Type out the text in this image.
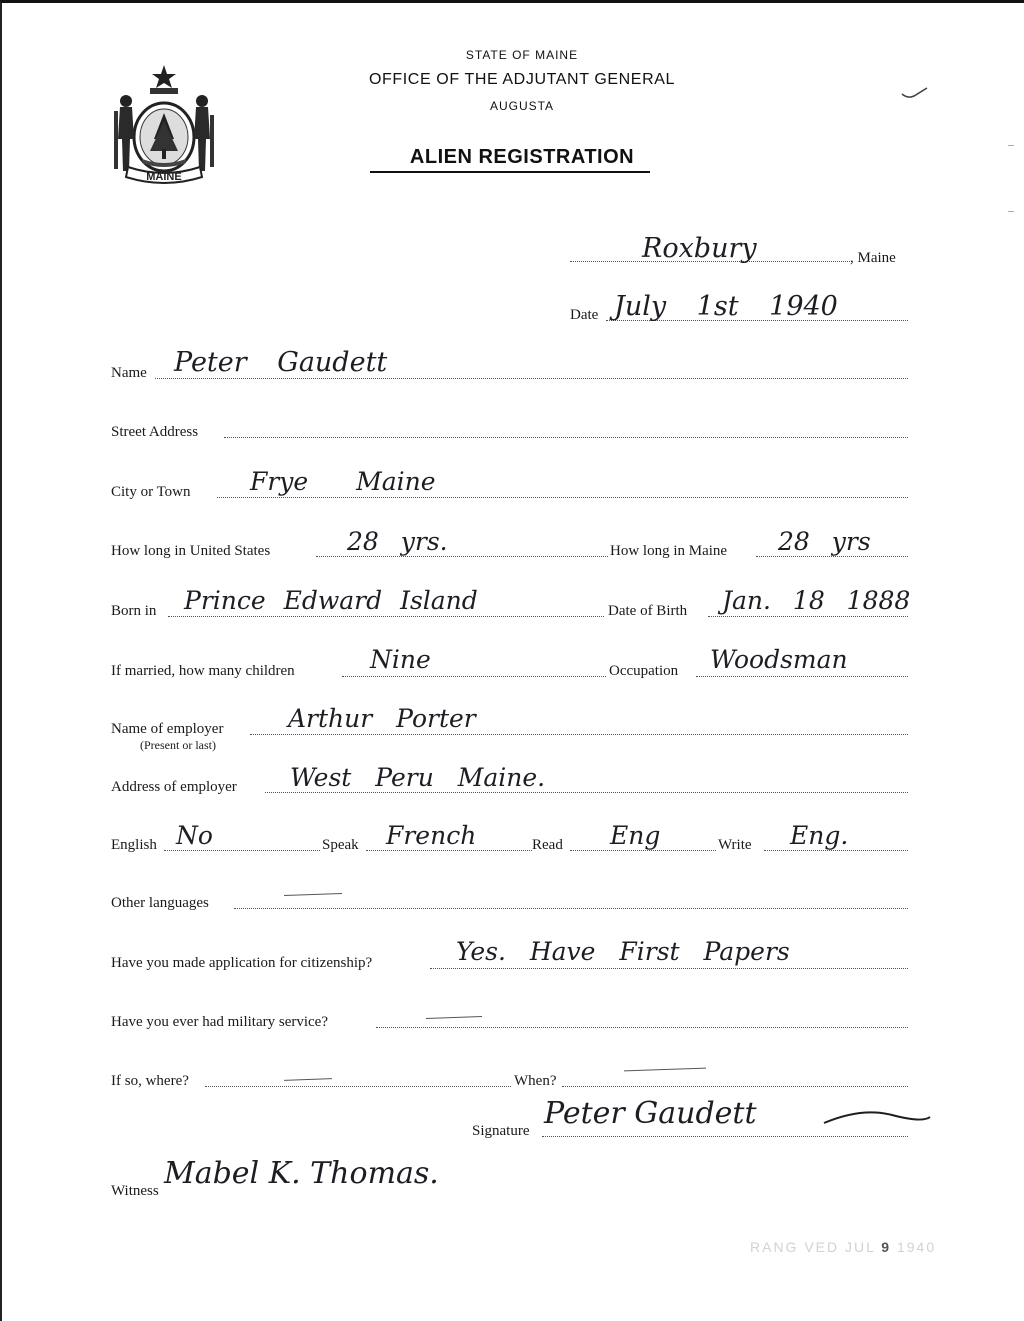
MAINE
STATE OF MAINE
OFFICE OF THE ADJUTANT GENERAL
AUGUSTA
ALIEN REGISTRATION
Roxbury	, Maine
Date July 1st 1940
Name Peter Gaudett
Street Address
City or Town Frye Maine
How long in United States	28 yrs.	How long in Maine 28 yrs
Born in Prince Edward Island	Date of Birth Jan. 18 1888
If married, how many children	Nine	Occupation Woodsman
Name of employer
(Present or last)
Arthur Porter
Address of employer West Peru Maine.
English No	Speak French	Read Eng	Write Eng.
Other languages
Have you made application for citizenship?	Yes. Have First Papers
Have you ever had military service?
If so, where?	When?
Signature Peter Gaudett
Witness Mabel K. Thomas.
RANG VED JUL 9 1940
